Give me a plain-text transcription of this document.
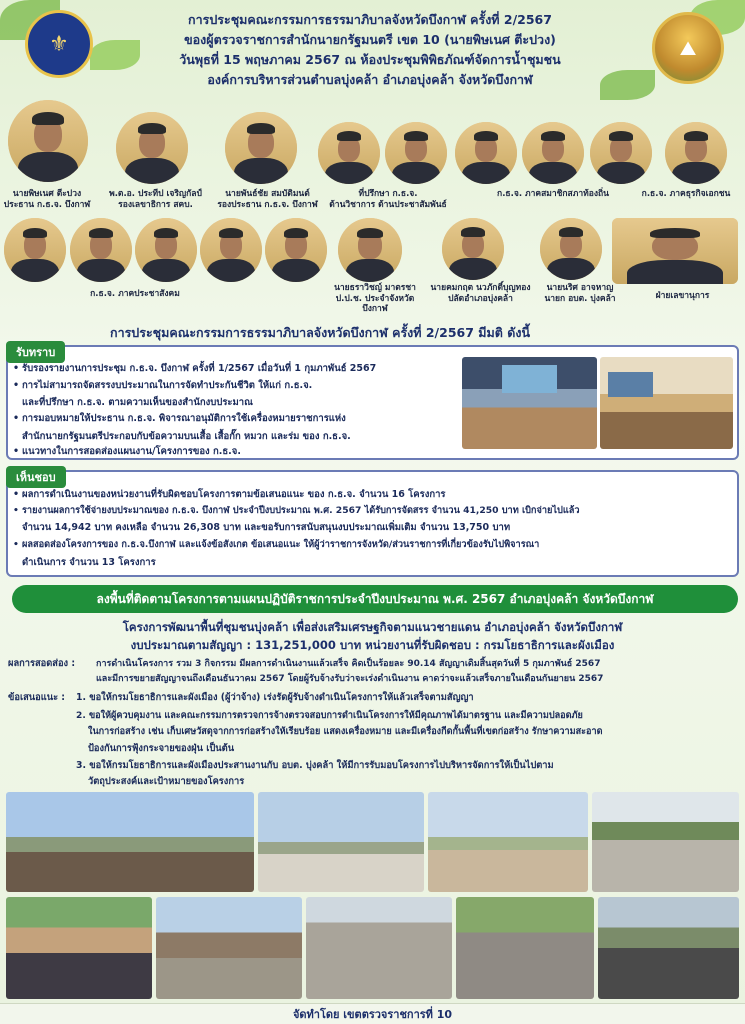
⚜	⛰
การประชุมคณะกรรมการธรรมาภิบาลจังหวัดบึงกาฬ ครั้งที่ 2/2567
ของผู้ตรวจราชการสำนักนายกรัฐมนตรี เขต 10 (นายพิษเนศ ตีะปวง)
วันพุธที่ 15 พฤษภาคม 2567 ณ ห้องประชุมพิพิธภัณฑ์จัดการน้ำชุมชน
องค์การบริหารส่วนตำบลบุ่งคล้า อำเภอบุ่งคล้า จังหวัดบึงกาฬ
นายพิษเนศ ตีะปวง
ประธาน ก.ธ.จ. บึงกาฬ
พ.ต.อ. ประทีป เจริญกัลป์
รองเลขาธิการ สคบ.
นายพันธ์ชัย สมบัติมนต์
รองประธาน ก.ธ.จ. บึงกาฬ
ที่ปรึกษา ก.ธ.จ.
ด้านวิชาการ ด้านประชาสัมพันธ์
ก.ธ.จ. ภาคสมาชิกสภาท้องถิ่น	ก.ธ.จ. ภาคธุรกิจเอกชน
ก.ธ.จ. ภาคประชาสังคม
นายธราวิชญ์ มาตรชา
ป.ป.ช. ประจำจังหวัด
บึงกาฬ
นายคมกฤต นวภักดิ์บุญทอง
ปลัดอำเภอบุ่งคล้า
นายนริศ อาจหาญ
นายก อบต. บุ่งคล้า	ฝ่ายเลขานุการ
การประชุมคณะกรรมการธรรมาภิบาลจังหวัดบึงกาฬ ครั้งที่ 2/2567 มีมติ ดังนี้
รับทราบ
• รับรองรายงานการประชุม ก.ธ.จ. บึงกาฬ ครั้งที่ 1/2567 เมื่อวันที่ 1 กุมภาพันธ์ 2567
• การไม่สามารถจัดสรรงบประมาณในการจัดทำประกันชีวิต ให้แก่ ก.ธ.จ.
และที่ปรึกษา ก.ธ.จ. ตามความเห็นของสำนักงบประมาณ
• การมอบหมายให้ประธาน ก.ธ.จ. พิจารณาอนุมัติการใช้เครื่องหมายราชการแห่ง
สำนักนายกรัฐมนตรีประกอบกับข้อความบนเสื้อ เสื้อกั๊ก หมวก และร่ม ของ ก.ธ.จ.
• แนวทางในการสอดส่องแผนงาน/โครงการของ ก.ธ.จ.
เห็นชอบ
• ผลการดำเนินงานของหน่วยงานที่รับผิดชอบโครงการตามข้อเสนอแนะ ของ ก.ธ.จ. จำนวน 16 โครงการ
• รายงานผลการใช้จ่ายงบประมาณของ ก.ธ.จ. บึงกาฬ ประจำปีงบประมาณ พ.ศ. 2567 ได้รับการจัดสรร จำนวน 41,250 บาท เบิกจ่ายไปแล้ว
จำนวน 14,942 บาท คงเหลือ จำนวน 26,308 บาท และขอรับการสนับสนุนงบประมาณเพิ่มเติม จำนวน 13,750 บาท
• ผลสอดส่องโครงการของ ก.ธ.จ.บึงกาฬ และแจ้งข้อสังเกต ข้อเสนอแนะ ให้ผู้ว่าราชการจังหวัด/ส่วนราชการที่เกี่ยวข้องรับไปพิจารณา
ดำเนินการ จำนวน 13 โครงการ
ลงพื้นที่ติดตามโครงการตามแผนปฏิบัติราชการประจำปีงบประมาณ พ.ศ. 2567 อำเภอบุ่งคล้า จังหวัดบึงกาฬ
โครงการพัฒนาพื้นที่ชุมชนบุ่งคล้า เพื่อส่งเสริมเศรษฐกิจตามแนวชายแดน อำเภอบุ่งคล้า จังหวัดบึงกาฬ
งบประมาณตามสัญญา : 131,251,000 บาท หน่วยงานที่รับผิดชอบ : กรมโยธาธิการและผังเมือง
ผลการสอดส่อง : การดำเนินโครงการ รวม 3 กิจกรรม มีผลการดำเนินงานแล้วเสร็จ คิดเป็นร้อยละ 90.14 สัญญาเดิมสิ้นสุดวันที่ 5 กุมภาพันธ์ 2567
และมีการขยายสัญญาจนถึงเดือนธันวาคม 2567 โดยผู้รับจ้างรับว่าจะเร่งดำเนินงาน คาดว่าจะแล้วเสร็จภายในเดือนกันยายน 2567
ข้อเสนอแนะ : 1. ขอให้กรมโยธาธิการและผังเมือง (ผู้ว่าจ้าง) เร่งรัดผู้รับจ้างดำเนินโครงการให้แล้วเสร็จตามสัญญา
2. ขอให้ผู้ควบคุมงาน และคณะกรรมการตรวจการจ้างตรวจสอบการดำเนินโครงการให้มีคุณภาพได้มาตรฐาน และมีความปลอดภัย
ในการก่อสร้าง เช่น เก็บเศษวัสดุจากการก่อสร้างให้เรียบร้อย แสดงเครื่องหมาย และมีเครื่องกีดกั้นพื้นที่เขตก่อสร้าง รักษาความสะอาด
ป้องกันการฟุ้งกระจายของฝุ่น เป็นต้น
3. ขอให้กรมโยธาธิการและผังเมืองประสานงานกับ อบต. บุ่งคล้า ให้มีการรับมอบโครงการไปบริหารจัดการให้เป็นไปตาม
วัตถุประสงค์และเป้าหมายของโครงการ
จัดทำโดย เขตตรวจราชการที่ 10
